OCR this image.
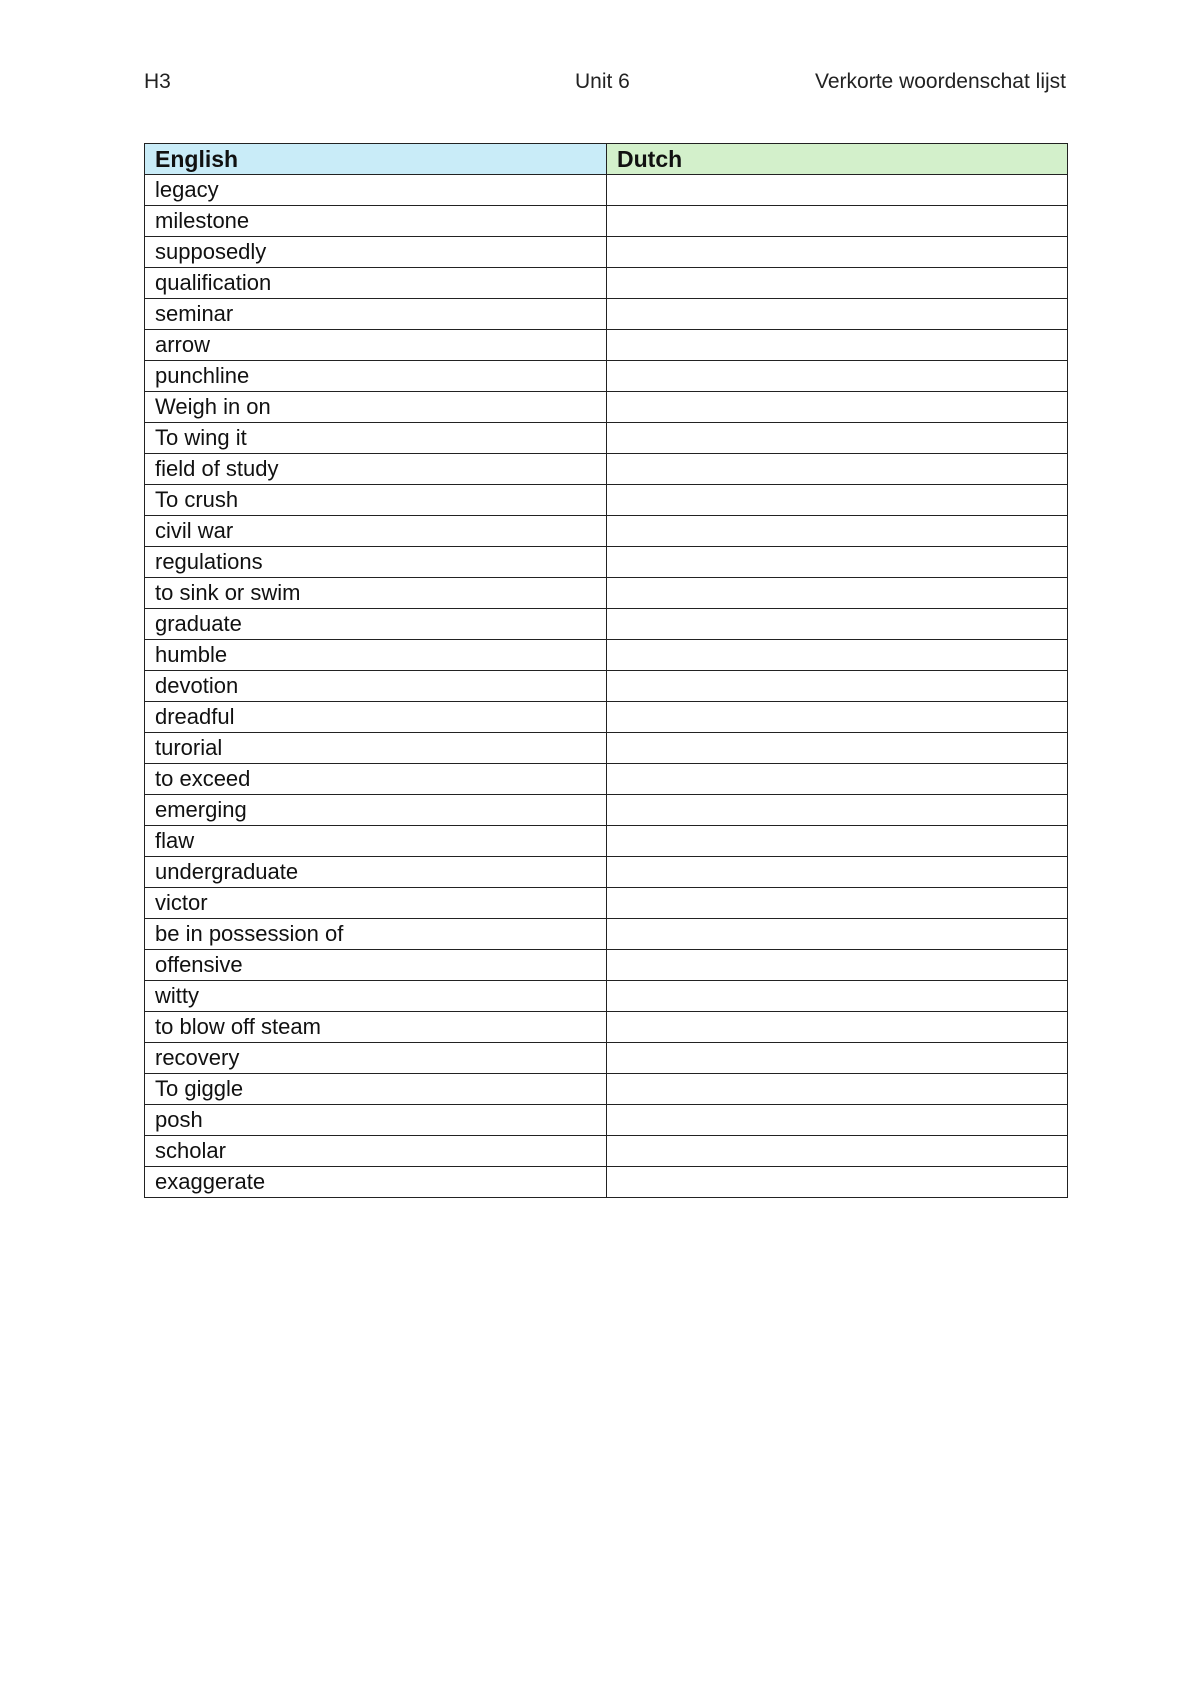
H3	Unit 6	Verkorte woordenschat lijst
English	Dutch
legacy	
milestone	
supposedly	
qualification	
seminar	
arrow	
punchline	
Weigh in on	
To wing it	
field of study	
To crush	
civil war	
regulations	
to sink or swim	
graduate	
humble	
devotion	
dreadful	
turorial	
to exceed	
emerging	
flaw	
undergraduate	
victor	
be in possession of	
offensive	
witty	
to blow off steam	
recovery	
To giggle	
posh	
scholar	
exaggerate	
